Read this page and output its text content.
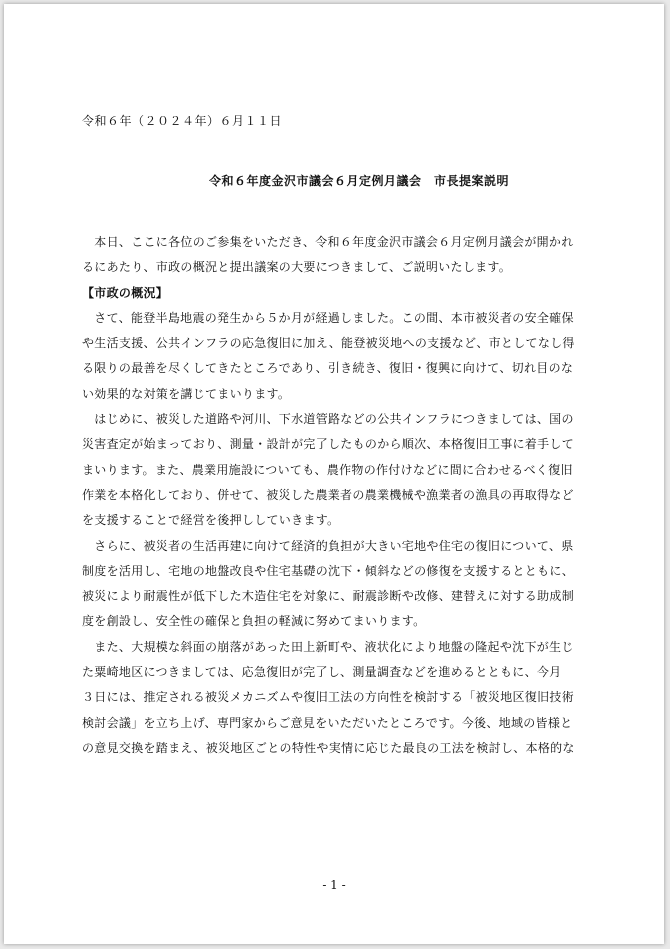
令和６年（２０２４年）６月１１日
令和６年度金沢市議会６月定例月議会　市長提案説明
　本日、ここに各位のご参集をいただき、令和６年度金沢市議会６月定例月議会が開かれ
るにあたり、市政の概況と提出議案の大要につきまして、ご説明いたします。
【市政の概況】
　さて、能登半島地震の発生から５か月が経過しました。この間、本市被災者の安全確保
や生活支援、公共インフラの応急復旧に加え、能登被災地への支援など、市としてなし得
る限りの最善を尽くしてきたところであり、引き続き、復旧・復興に向けて、切れ目のな
い効果的な対策を講じてまいります。
　はじめに、被災した道路や河川、下水道管路などの公共インフラにつきましては、国の
災害査定が始まっており、測量・設計が完了したものから順次、本格復旧工事に着手して
まいります。また、農業用施設についても、農作物の作付けなどに間に合わせるべく復旧
作業を本格化しており、併せて、被災した農業者の農業機械や漁業者の漁具の再取得など
を支援することで経営を後押ししていきます。
　さらに、被災者の生活再建に向けて経済的負担が大きい宅地や住宅の復旧について、県
制度を活用し、宅地の地盤改良や住宅基礎の沈下・傾斜などの修復を支援するとともに、
被災により耐震性が低下した木造住宅を対象に、耐震診断や改修、建替えに対する助成制
度を創設し、安全性の確保と負担の軽減に努めてまいります。
　また、大規模な斜面の崩落があった田上新町や、液状化により地盤の隆起や沈下が生じ
た粟崎地区につきましては、応急復旧が完了し、測量調査などを進めるとともに、今月
３日には、推定される被災メカニズムや復旧工法の方向性を検討する「被災地区復旧技術
検討会議」を立ち上げ、専門家からご意見をいただいたところです。今後、地域の皆様と
の意見交換を踏まえ、被災地区ごとの特性や実情に応じた最良の工法を検討し、本格的な
- 1 -
